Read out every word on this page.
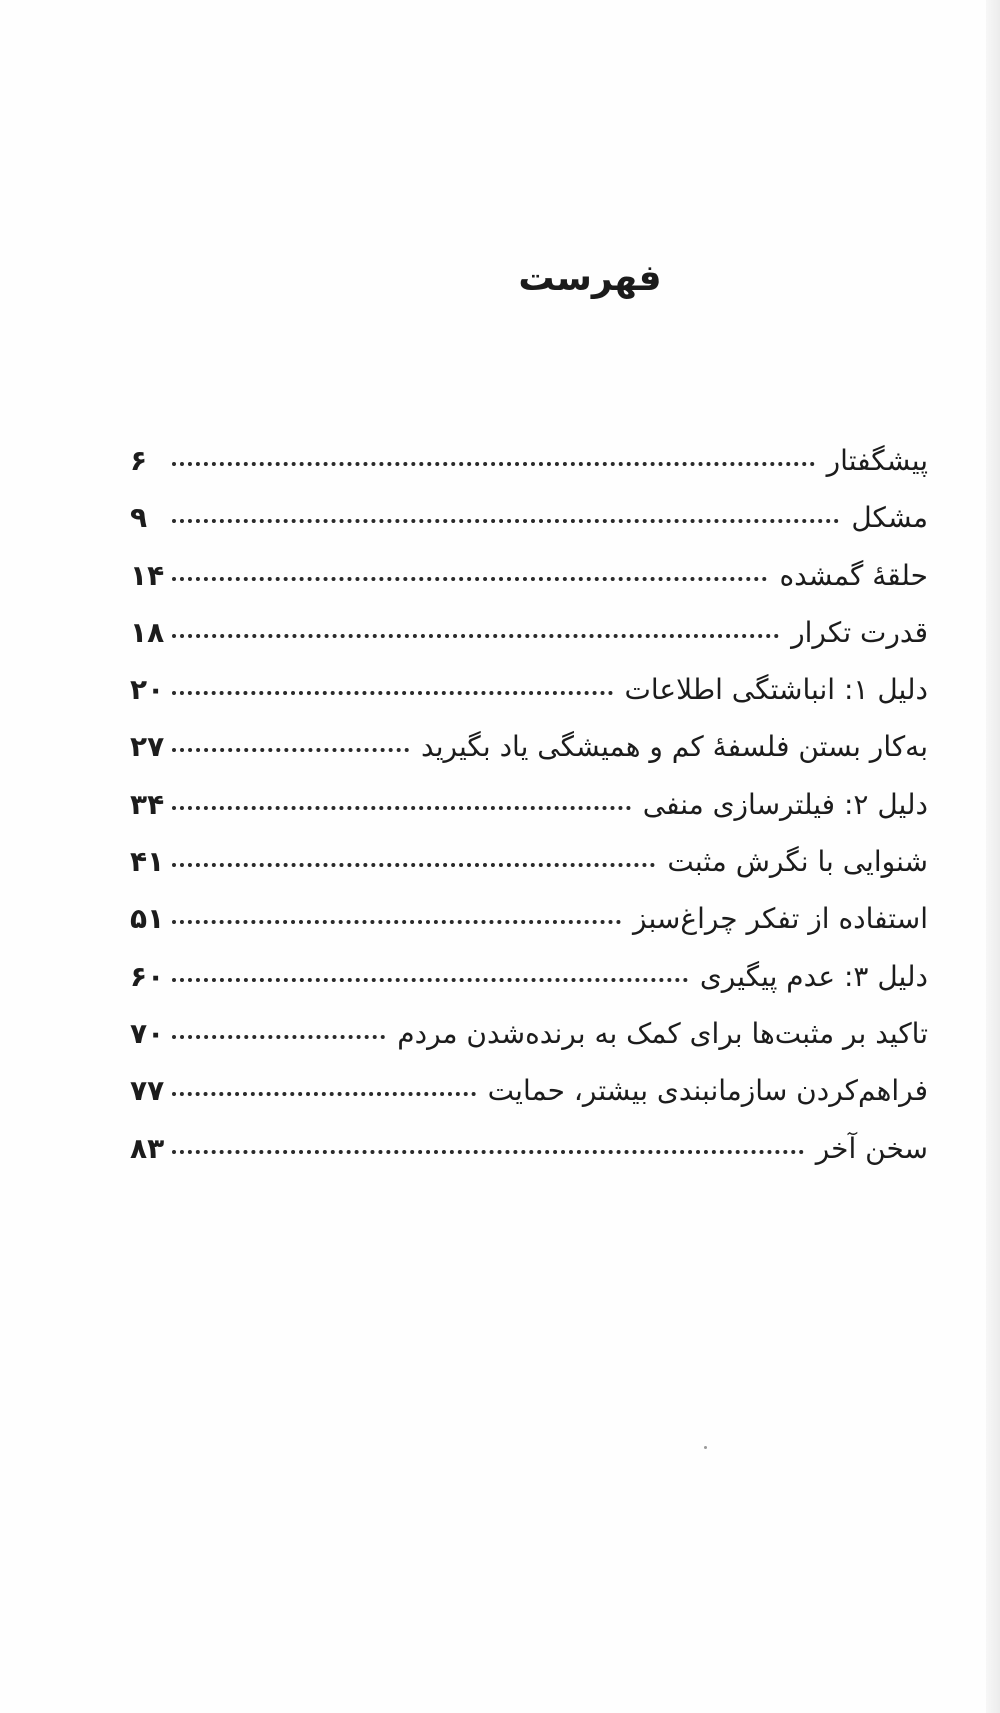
فهرست
پیشگفتار
۶
مشکل
۹
حلقهٔ گمشده
۱۴
قدرت تکرار
۱۸
دلیل ۱: انباشتگی اطلاعات
۲۰
به‌کار بستن فلسفهٔ کم و همیشگی یاد بگیرید
۲۷
دلیل ۲: فیلترسازی منفی
۳۴
شنوایی با نگرش مثبت
۴۱
استفاده از تفکر چراغ‌سبز
۵۱
دلیل ۳: عدم پیگیری
۶۰
تاکید بر مثبت‌ها برای کمک به برنده‌شدن مردم
۷۰
فراهم‌کردن سازمانبندی بیشتر، حمایت
۷۷
سخن آخر
۸۳
